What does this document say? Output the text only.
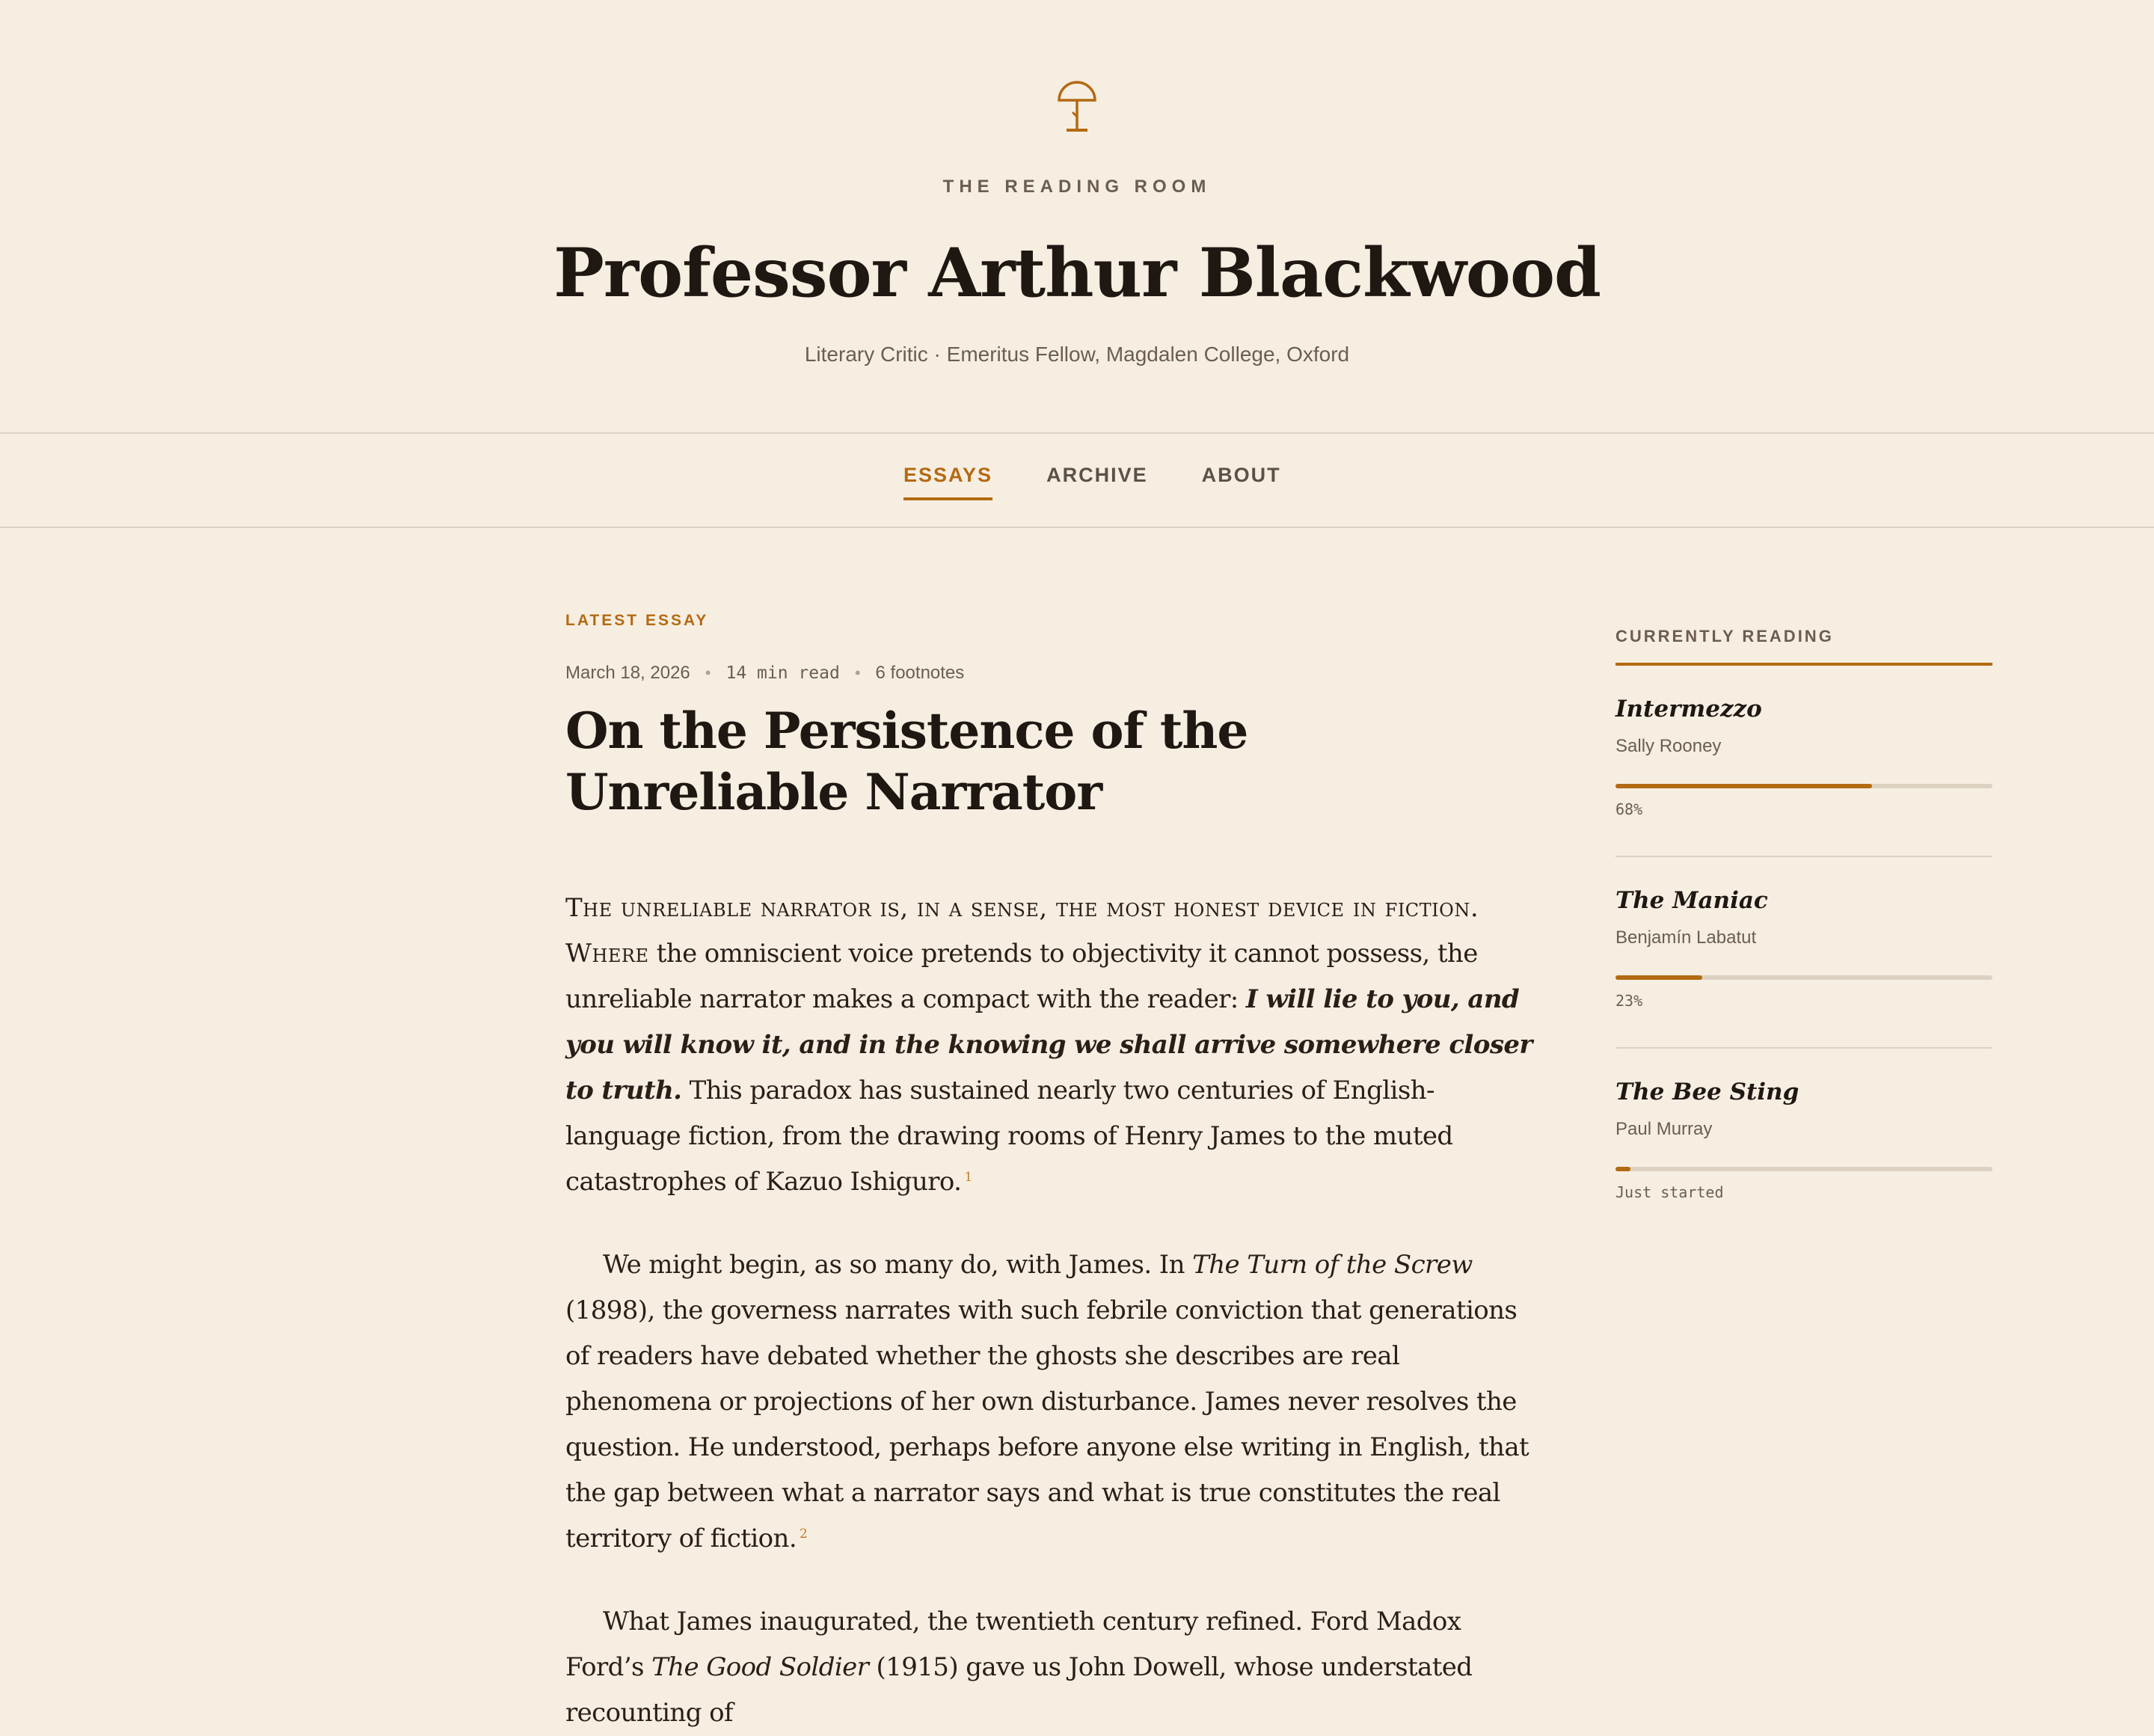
THE READING ROOM
Professor Arthur Blackwood
Literary Critic · Emeritus Fellow, Magdalen College, Oxford
ESSAYS	ARCHIVE	ABOUT
LATEST ESSAY
March 18, 2026 • 14 min read • 6 footnotes
On the Persistence of the Unreliable Narrator

The unreliable narrator is, in a sense, the most honest device in fiction. Where the omniscient voice pretends to objectivity it cannot possess, the unreliable narrator makes a compact with the reader: I will lie to you, and you will know it, and in the knowing we shall arrive somewhere closer to truth. This paradox has sustained nearly two centuries of English-language fiction, from the drawing rooms of Henry James to the muted catastrophes of Kazuo Ishiguro. $^1$

We might begin, as so many do, with James. In The Turn of the Screw (1898), the governess narrates with such febrile conviction that generations of readers have debated whether the ghosts she describes are real phenomena or projections of her own disturbance. James never resolves the question. He understood, perhaps before anyone else writing in English, that the gap between what a narrator says and what is true constitutes the real territory of fiction. $^2$

What James inaugurated, the twentieth century refined. Ford Madox Ford’s The Good Soldier (1915) gave us John Dowell, whose understated recounting of

CURRENTLY READING
Intermezzo
Sally Rooney
68%
The Maniac
Benjamín Labatut
23%
The Bee Sting
Paul Murray
Just started
